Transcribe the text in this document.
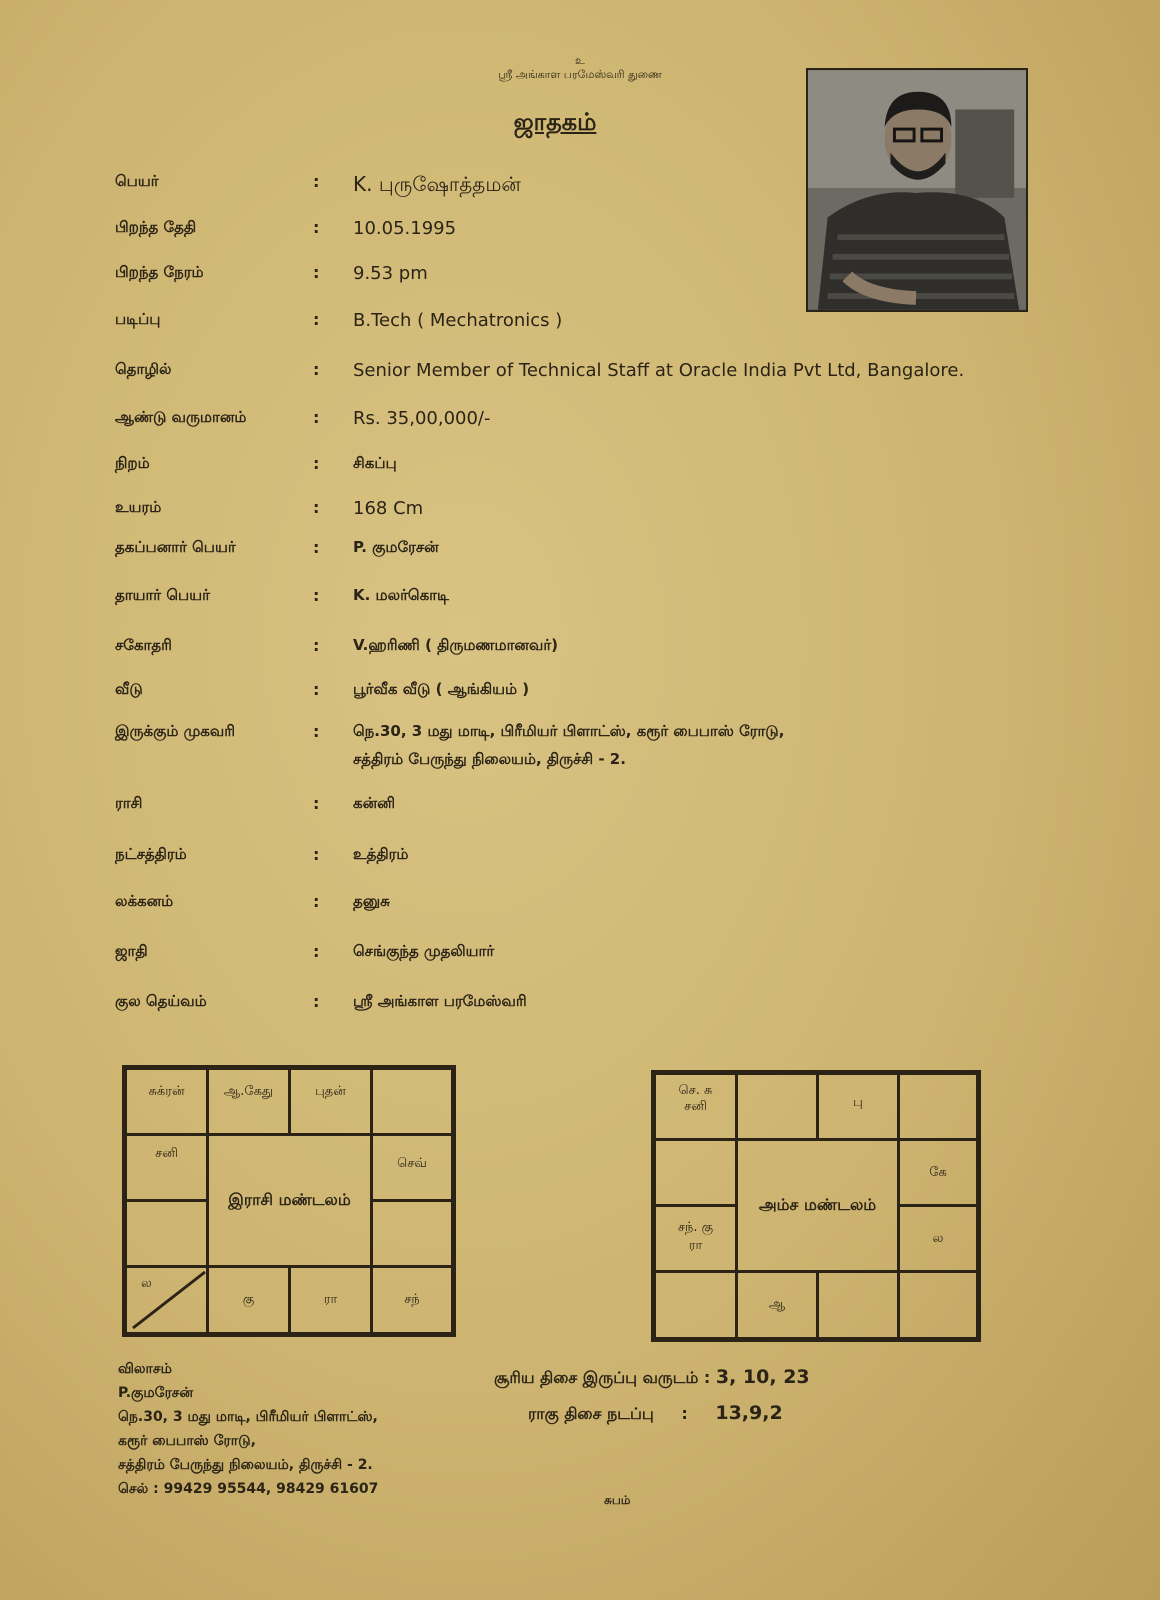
உ
ஸ்ரீ அங்காள பரமேஸ்வரி துணை
ஜாதகம்
பெயர்	: K. புருஷோத்தமன்
பிறந்த தேதி	: 10.05.1995
பிறந்த நேரம்	: 9.53 pm
படிப்பு	: B.Tech ( Mechatronics )
தொழில்	: Senior Member of Technical Staff at Oracle India Pvt Ltd, Bangalore.
ஆண்டு வருமானம்	: Rs. 35,00,000/-
நிறம்	: சிகப்பு
உயரம்	: 168 Cm
தகப்பனார் பெயர்	: P. குமரேசன்
தாயார் பெயர்	: K. மலர்கொடி
சகோதரி	: V.ஹரிணி ( திருமணமானவர்)
வீடு	: பூர்வீக வீடு ( ஆங்கியம் )
இருக்கும் முகவரி	: நெ.30, 3 மது மாடி, பிரீமியர் பிளாட்ஸ், கரூர் பைபாஸ் ரோடு,
சத்திரம் பேருந்து நிலையம், திருச்சி - 2.
ராசி	: கன்னி
நட்சத்திரம்	: உத்திரம்
லக்கனம்	: தனுசு
ஜாதி	: செங்குந்த முதலியார்
குல தெய்வம்	: ஸ்ரீ அங்காள பரமேஸ்வரி
சுக்ரன்	ஆ.கேது	புதன்
சனி
இராசி மண்டலம்
செவ்
ல
கு	ரா	சந்
செ. சு
சனி	பு
சந். கு
ரா
அம்ச மண்டலம்
கே
ல
ஆ
விலாசம்
P.குமரேசன்
நெ.30, 3 மது மாடி, பிரீமியர் பிளாட்ஸ்,
கரூர் பைபாஸ் ரோடு,
சத்திரம் பேருந்து நிலையம், திருச்சி - 2.
செல் : 99429 95544, 98429 61607
சூரிய திசை இருப்பு வருடம் : 3, 10, 23
ராகு திசை நடப்பு : 13,9,2
சுபம்
